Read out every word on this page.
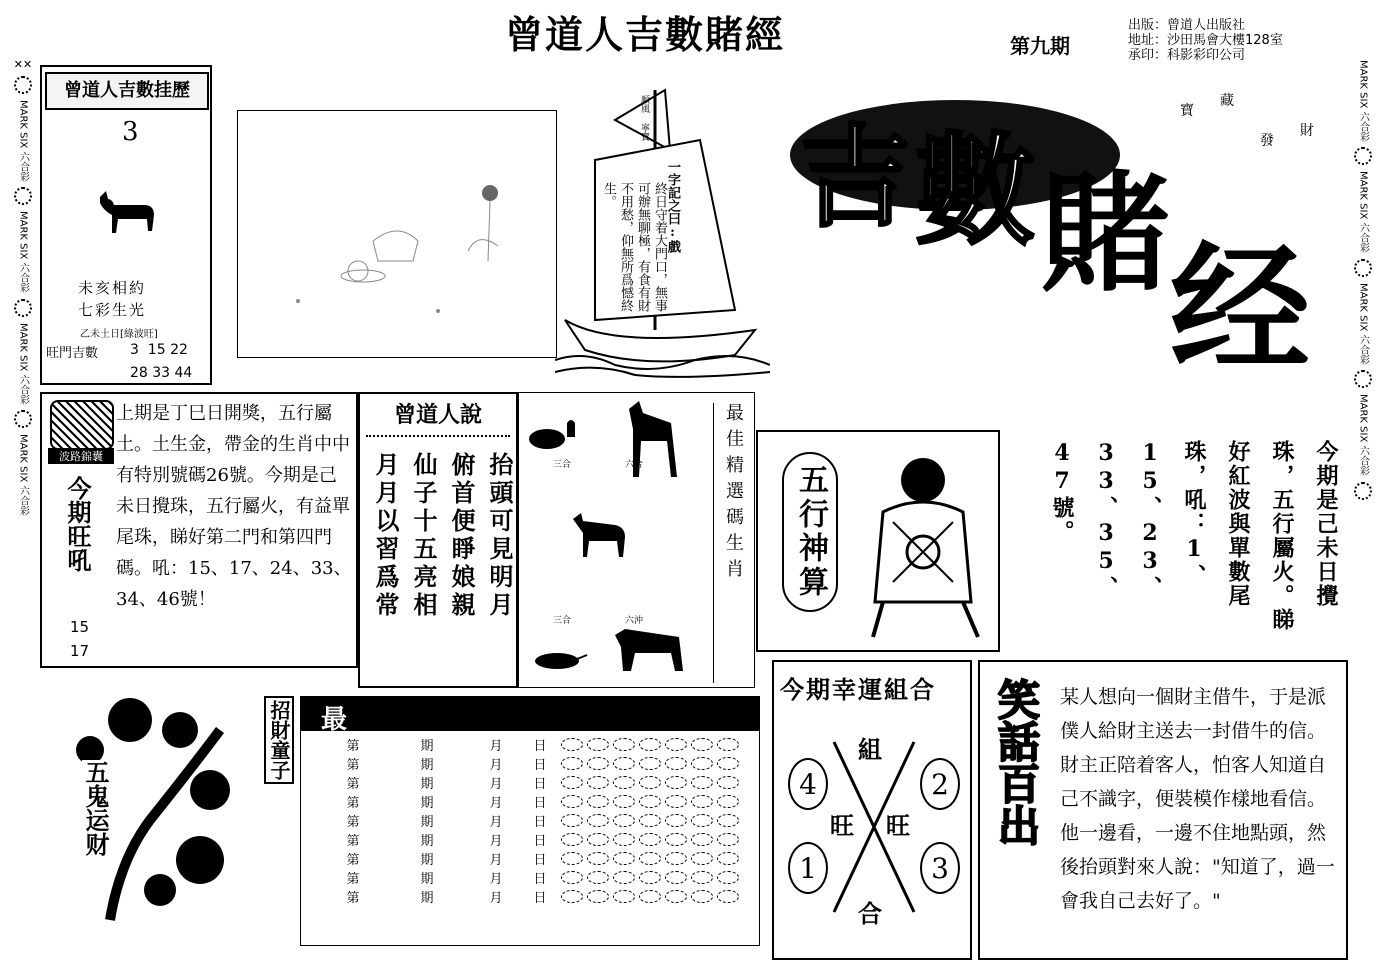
曾道人吉數賭經	第九期
出版：曾道人出版社
地址：沙田馬會大樓128室
承印：科影彩印公司
✕✕
MARK SIX 六合彩
MARK SIX 六合彩
MARK SIX 六合彩
MARK SIX 六合彩
MARK SIX 六合彩
MARK SIX 六合彩
MARK SIX 六合彩
MARK SIX 六合彩
曾道人吉數挂歷
3
未亥相約
七彩生光
乙未土日[綠波旺]
旺門吉數 3  15 22
28 33 44
順風 寧寶
一字記之曰:戲
終日守着大門口，無事可辦無聊極，有食有財不用愁，仰無所爲憾終生。	吉 數 賭 经
寶
藏
發
財
波路錦囊
今期旺吼
15
17
上期是丁巳日開獎，五行屬土。土生金，帶金的生肖中中有特別號碼26號。今期是己未日攪珠，五行屬火，有益單尾珠，睇好第二門和第四門碼。吼：15、17、24、33、34、46號！
曾道人說
抬頭可見明月
俯首便睜娘親
仙子十五亮相
月月以習爲常	三合	六合
三合	六沖
最佳精選碼生肖	五行神算	今期是己未日攪珠，五行屬火。睇好紅波與單數尾珠，吼：1、15、23、33、35、47號。
今期幸運組合
4	2
1	3
組
合
旺 旺 笑話百出 某人想向一個財主借牛，于是派僕人給財主送去一封借牛的信。財主正陪着客人，怕客人知道自己不識字，便裝模作樣地看信。他一邊看，一邊不住地點頭，然後抬頭對來人說："知道了，過一會我自己去好了。"
五鬼运财
招財童子 最
第	期	月	日	
第	期	月	日	
第	期	月	日	
第	期	月	日	
第	期	月	日	
第	期	月	日	
第	期	月	日	
第	期	月	日	
第	期	月	日	
